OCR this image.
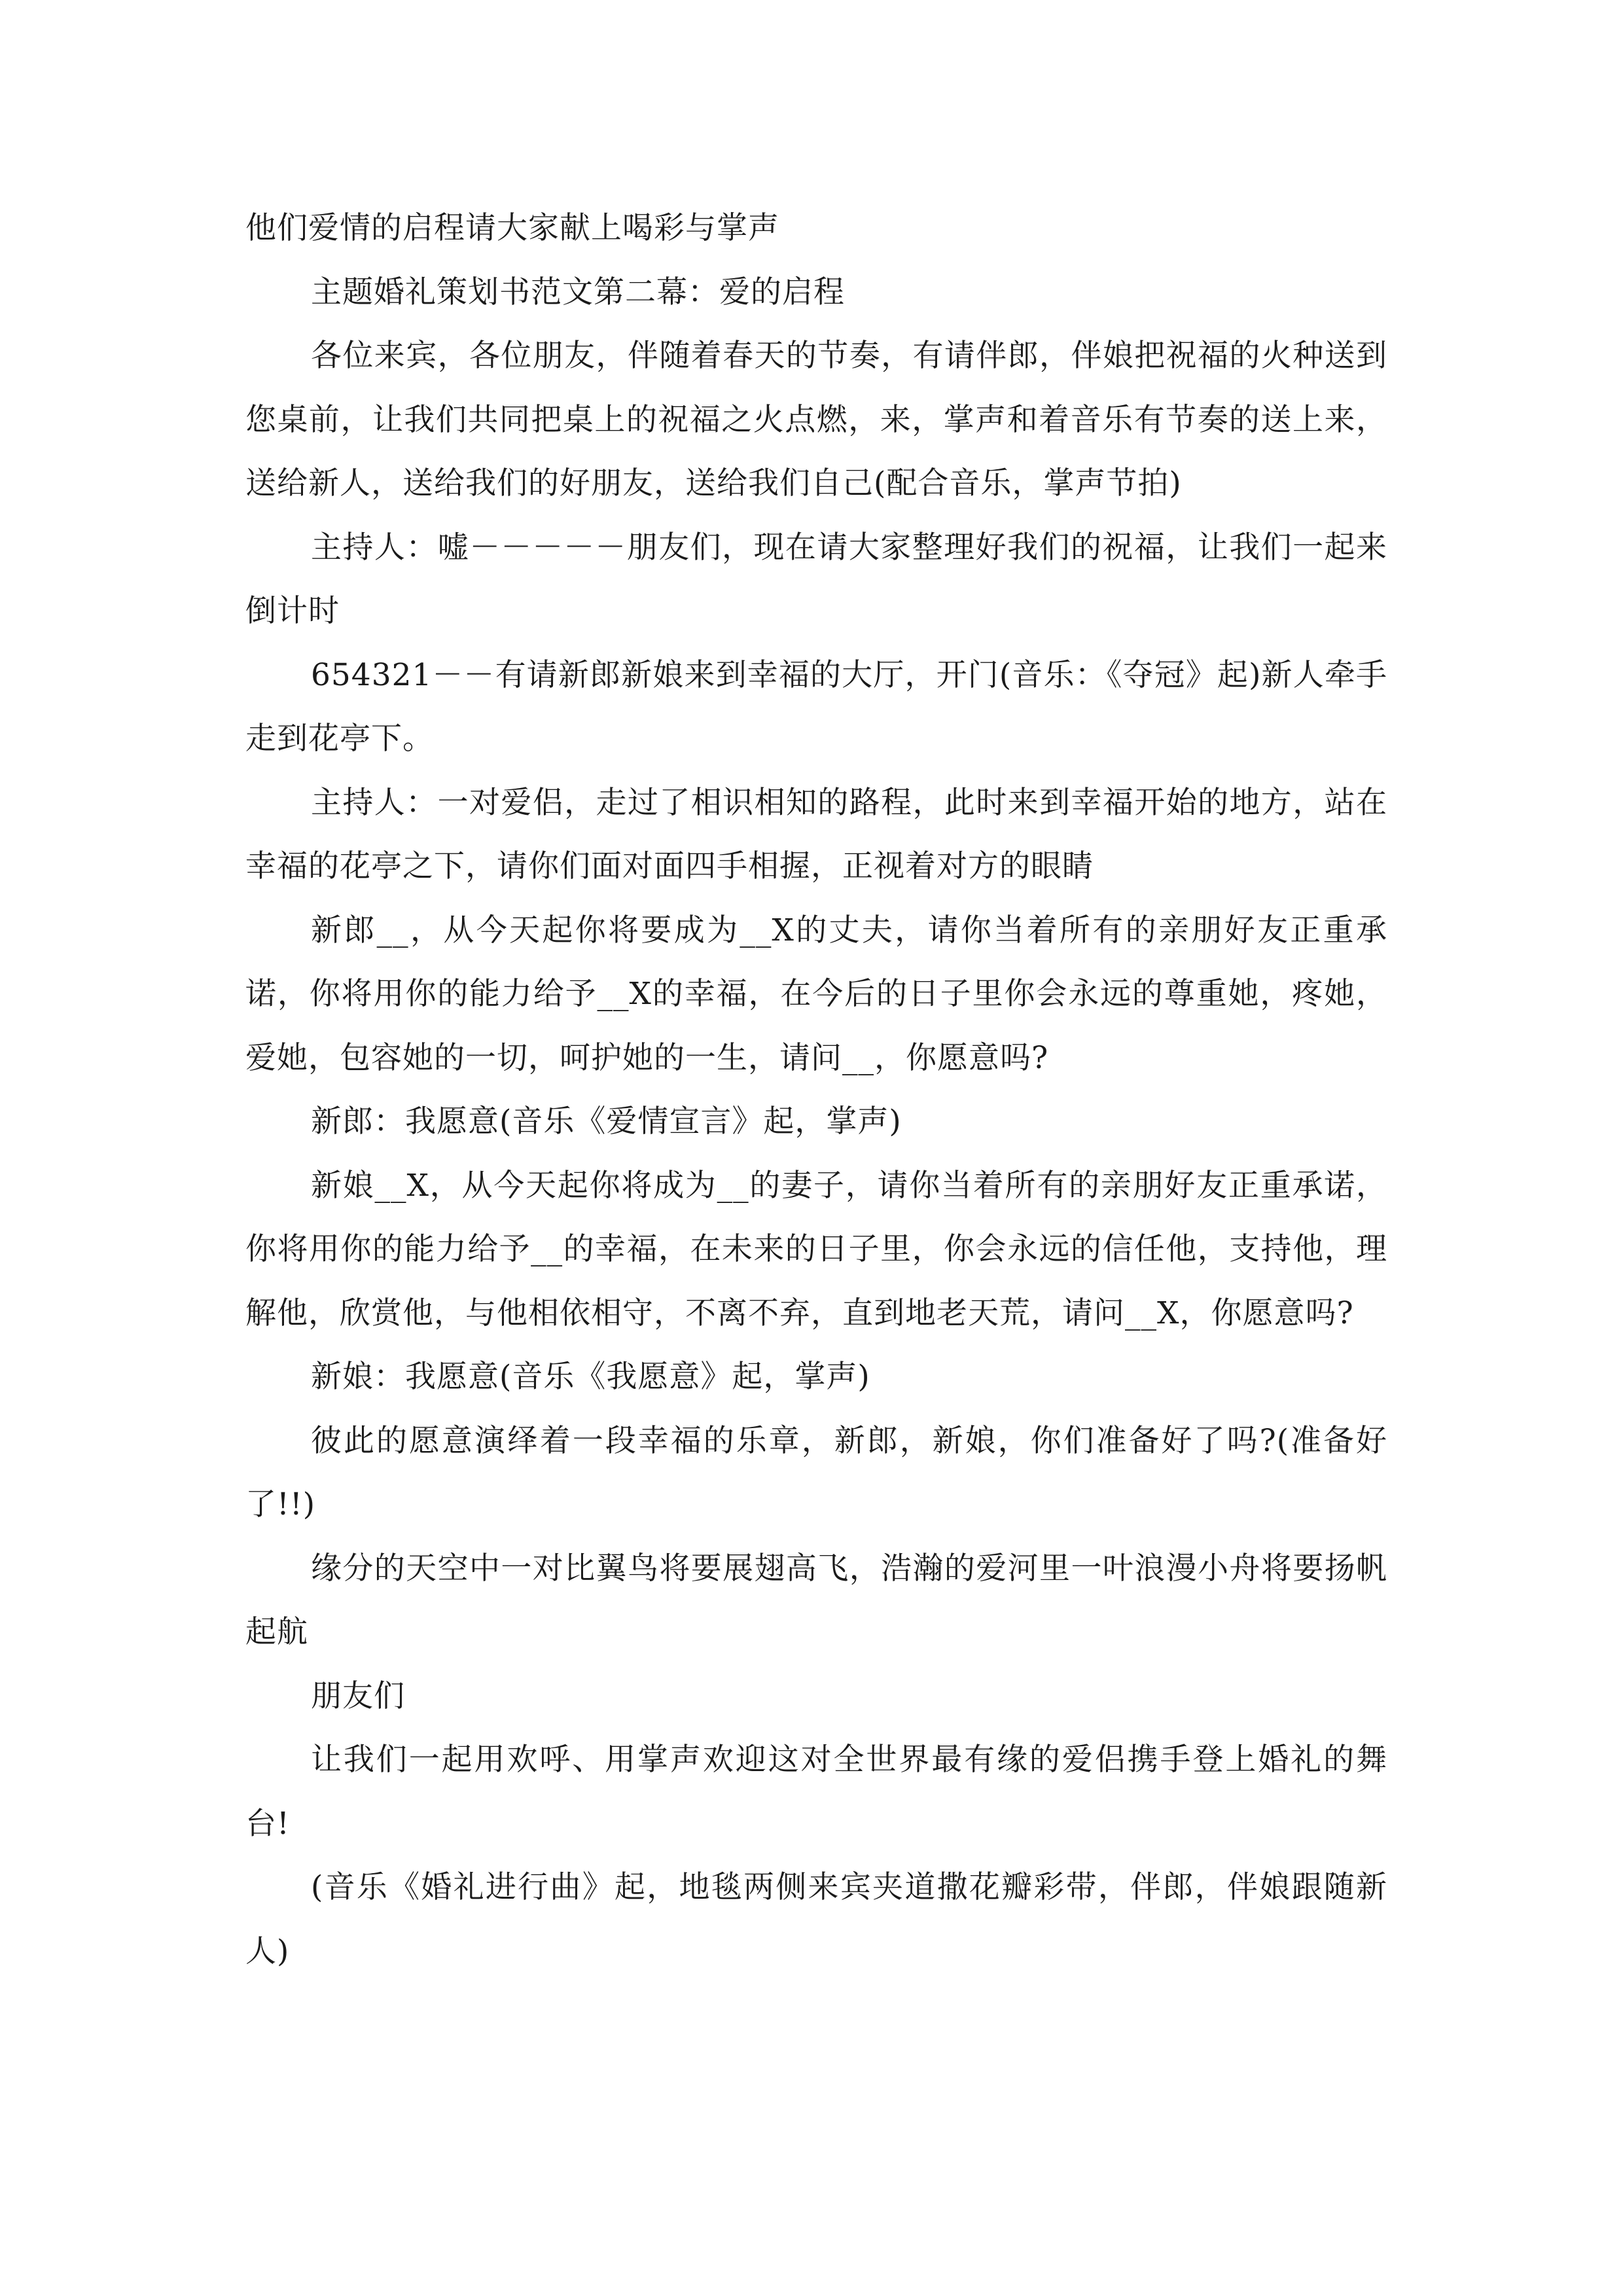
他们爱情的启程请大家献上喝彩与掌声

主题婚礼策划书范文第二幕：爱的启程

各位来宾，各位朋友，伴随着春天的节奏，有请伴郎，伴娘把祝福的火种送到您桌前，让我们共同把桌上的祝福之火点燃，来，掌声和着音乐有节奏的送上来，送给新人，送给我们的好朋友，送给我们自己(配合音乐，掌声节拍)

主持人：嘘－－－－－朋友们，现在请大家整理好我们的祝福，让我们一起来倒计时

654321－－有请新郎新娘来到幸福的大厅，开门(音乐：《夺冠》起)新人牵手走到花亭下。

主持人：一对爱侣，走过了相识相知的路程，此时来到幸福开始的地方，站在幸福的花亭之下，请你们面对面四手相握，正视着对方的眼睛

新郎__，从今天起你将要成为__X的丈夫，请你当着所有的亲朋好友正重承诺，你将用你的能力给予__X的幸福，在今后的日子里你会永远的尊重她，疼她，爱她，包容她的一切，呵护她的一生，请问__，你愿意吗?

新郎：我愿意(音乐《爱情宣言》起，掌声)

新娘__X，从今天起你将成为__的妻子，请你当着所有的亲朋好友正重承诺，你将用你的能力给予__的幸福，在未来的日子里，你会永远的信任他，支持他，理解他，欣赏他，与他相依相守，不离不弃，直到地老天荒，请问__X，你愿意吗?

新娘：我愿意(音乐《我愿意》起，掌声)

彼此的愿意演绎着一段幸福的乐章，新郎，新娘，你们准备好了吗?(准备好了!!)

缘分的天空中一对比翼鸟将要展翅高飞，浩瀚的爱河里一叶浪漫小舟将要扬帆起航

朋友们

让我们一起用欢呼、用掌声欢迎这对全世界最有缘的爱侣携手登上婚礼的舞台!

(音乐《婚礼进行曲》起，地毯两侧来宾夹道撒花瓣彩带，伴郎，伴娘跟随新人)
